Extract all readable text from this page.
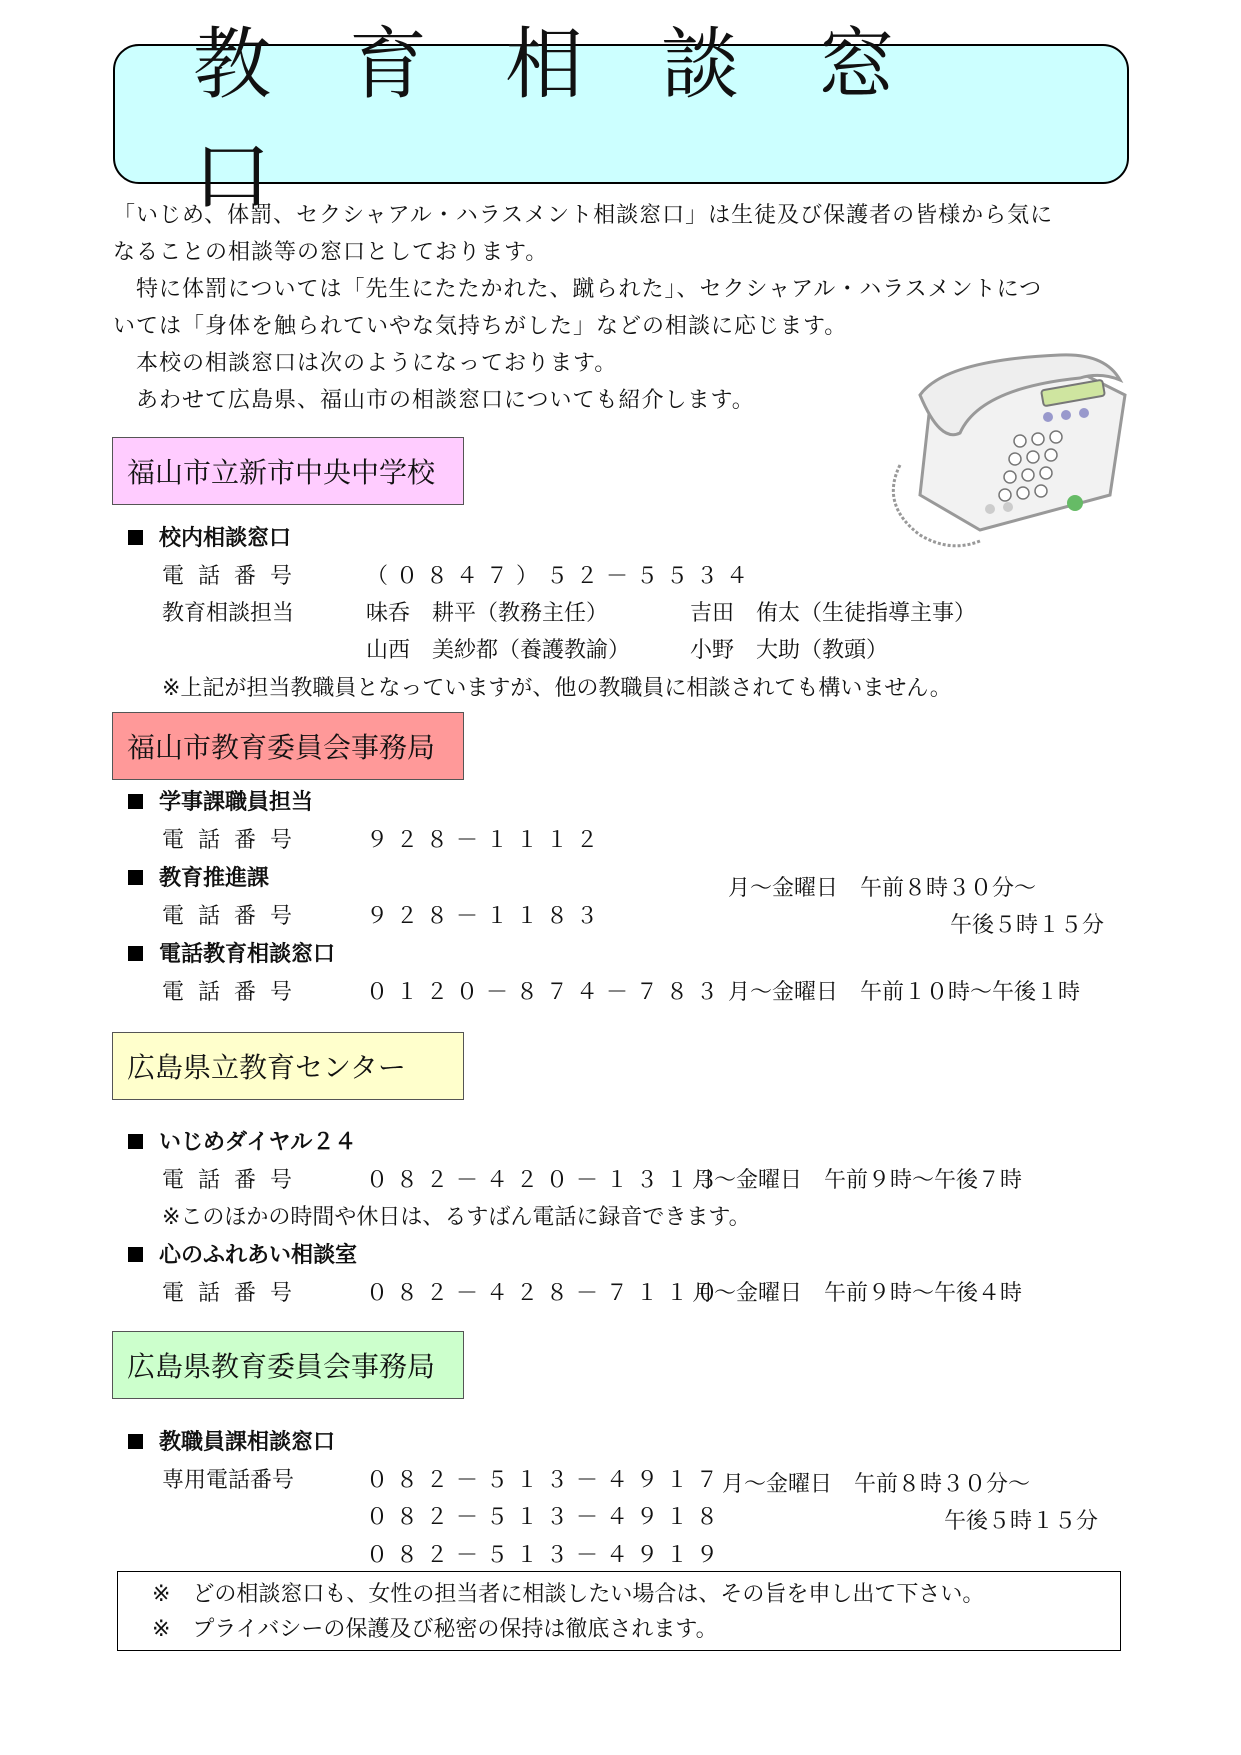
教育相談窓口
「いじめ、体罰、セクシャアル・ハラスメント相談窓口」は生徒及び保護者の皆様から気に
なることの相談等の窓口としております。
　特に体罰については「先生にたたかれた、蹴られた」、セクシャアル・ハラスメントにつ
いては「身体を触られていやな気持ちがした」などの相談に応じます。
　本校の相談窓口は次のようになっております。
　あわせて広島県、福山市の相談窓口についても紹介します。
福山市立新市中央中学校
校内相談窓口
電話番号	（０８４７）５２－５５３４
教育相談担当	味呑　耕平（教務主任）	吉田　侑太（生徒指導主事）
山西　美紗都（養護教諭）	小野　大助（教頭）
※上記が担当教職員となっていますが、他の教職員に相談されても構いません。
福山市教育委員会事務局
学事課職員担当
電話番号	９２８－１１１２
教育推進課
電話番号	９２８－１１８３
月～金曜日　午前８時３０分～
午後５時１５分
電話教育相談窓口
電話番号	０１２０－８７４－７８３ 月～金曜日　午前１０時～午後１時
広島県立教育センター
いじめダイヤル２４
電話番号	０８２－４２０－１３１３
月～金曜日　午前９時～午後７時
※このほかの時間や休日は、るすばん電話に録音できます。
心のふれあい相談室
電話番号	０８２－４２８－７１１０
月～金曜日　午前９時～午後４時
広島県教育委員会事務局
教職員課相談窓口
専用電話番号	０８２－５１３－４９１７
０８２－５１３－４９１８
０８２－５１３－４９１９
月～金曜日　午前８時３０分～
午後５時１５分
※　どの相談窓口も、女性の担当者に相談したい場合は、その旨を申し出て下さい。
※　プライバシーの保護及び秘密の保持は徹底されます。
